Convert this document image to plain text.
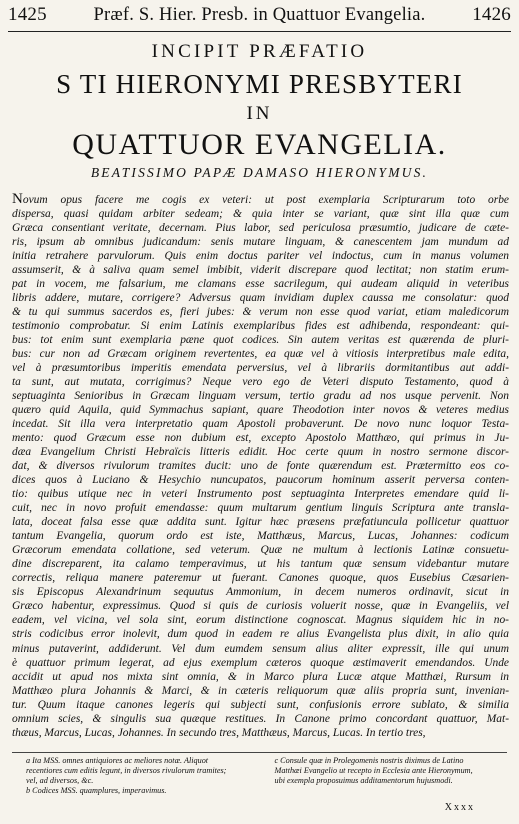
1425	Præf. S. Hier. Presb. in Quattuor Evangelia.	1426
INCIPIT PRÆFATIO
S TI HIERONYMI PRESBYTERI
IN
QUATTUOR EVANGELIA.
BEATISSIMO PAPÆ DAMASO HIERONYMUS.
Novum opus facere me cogis ex veteri: ut post exemplaria Scripturarum toto orbe
dispersa, quasi quidam arbiter sedeam; & quia inter se variant, quæ sint illa quæ cum
Græca consentiant veritate, decernam. Pius labor, sed periculosa præsumtio, judicare de cæte-
ris, ipsum ab omnibus judicandum: senis mutare linguam, & canescentem jam mundum ad
initia retrahere parvulorum. Quis enim doctus pariter vel indoctus, cum in manus volumen
assumserit, & à saliva quam semel imbibit, viderit discrepare quod lectitat; non statim erum-
pat in vocem, me falsarium, me clamans esse sacrilegum, qui audeam aliquid in veteribus
libris addere, mutare, corrigere? Adversus quam invidiam duplex caussa me consolatur: quod
& tu qui summus sacerdos es, fieri jubes: & verum non esse quod variat, etiam maledicorum
testimonio comprobatur. Si enim Latinis exemplaribus fides est adhibenda, respondeant: qui-
bus: tot enim sunt exemplaria pæne quot codices. Sin autem veritas est quærenda de pluri-
bus: cur non ad Græcam originem revertentes, ea quæ vel à vitiosis interpretibus male edita,
vel à præsumtoribus imperitis emendata perversius, vel à librariis dormitantibus aut addi-
ta sunt, aut mutata, corrigimus? Neque vero ego de Veteri disputo Testamento, quod à
septuaginta Senioribus in Græcam linguam versum, tertio gradu ad nos usque pervenit. Non
quæro quid Aquila, quid Symmachus sapiant, quare Theodotion inter novos & veteres medius
incedat. Sit illa vera interpretatio quam Apostoli probaverunt. De novo nunc loquor Testa-
mento: quod Græcum esse non dubium est, excepto Apostolo Matthæo, qui primus in Ju-
dæa Evangelium Christi Hebraïcis litteris edidit. Hoc certe quum in nostro sermone discor-
dat, & diversos rivulorum tramites ducit: uno de fonte quærendum est. Prætermitto eos co-
dices quos à Luciano & Hesychio nuncupatos, paucorum hominum asserit perversa conten-
tio: quibus utique nec in veteri Instrumento post septuaginta Interpretes emendare quid li-
cuit, nec in novo profuit emendasse: quum multarum gentium linguis Scriptura ante transla-
lata, doceat falsa esse quæ addita sunt. Igitur hæc præsens præfatiuncula pollicetur quattuor
tantum Evangelia, quorum ordo est iste, Matthæus, Marcus, Lucas, Johannes: codicum
Græcorum emendata collatione, sed veterum. Quæ ne multum à lectionis Latinæ consuetu-
dine discreparent, ita calamo temperavimus, ut his tantum quæ sensum videbantur mutare
correctis, reliqua manere pateremur ut fuerant. Canones quoque, quos Eusebius Cæsarien-
sis Episcopus Alexandrinum sequutus Ammonium, in decem numeros ordinavit, sicut in
Græco habentur, expressimus. Quod si quis de curiosis voluerit nosse, quæ in Evangeliis, vel
eadem, vel vicina, vel sola sint, eorum distinctione cognoscat. Magnus siquidem hic in no-
stris codicibus error inolevit, dum quod in eadem re alius Evangelista plus dixit, in alio quia
minus putaverint, addiderunt. Vel dum eumdem sensum alius aliter expressit, ille qui unum
è quattuor primum legerat, ad ejus exemplum cæteros quoque æstimaverit emendandos. Unde
accidit ut apud nos mixta sint omnia, & in Marco plura Lucæ atque Matthæi, Rursum in
Matthæo plura Johannis & Marci, & in cæteris reliquorum quæ aliis propria sunt, invenian-
tur. Quum itaque canones legeris qui subjecti sunt, confusionis errore sublato, & similia
omnium scies, & singulis sua quæque restitues. In Canone primo concordant quattuor, Mat-
thæus, Marcus, Lucas, Johannes. In secundo tres, Matthæus, Marcus, Lucas. In tertio tres,
a Ita MSS. omnes antiquiores ac meliores notæ. Aliquot
recentiores cum editis legunt, in diversos rivulorum tramites;
vel, ad diversos, &c.
b Codices MSS. quamplures, imperavimus.
c Consule quæ in Prolegomenis nostris diximus de Latino
Matthæi Evangelio ut recepto in Ecclesia ante Hieronymum,
ubi exempla proposuimus additamentorum hujusmodi.
Xxxx
